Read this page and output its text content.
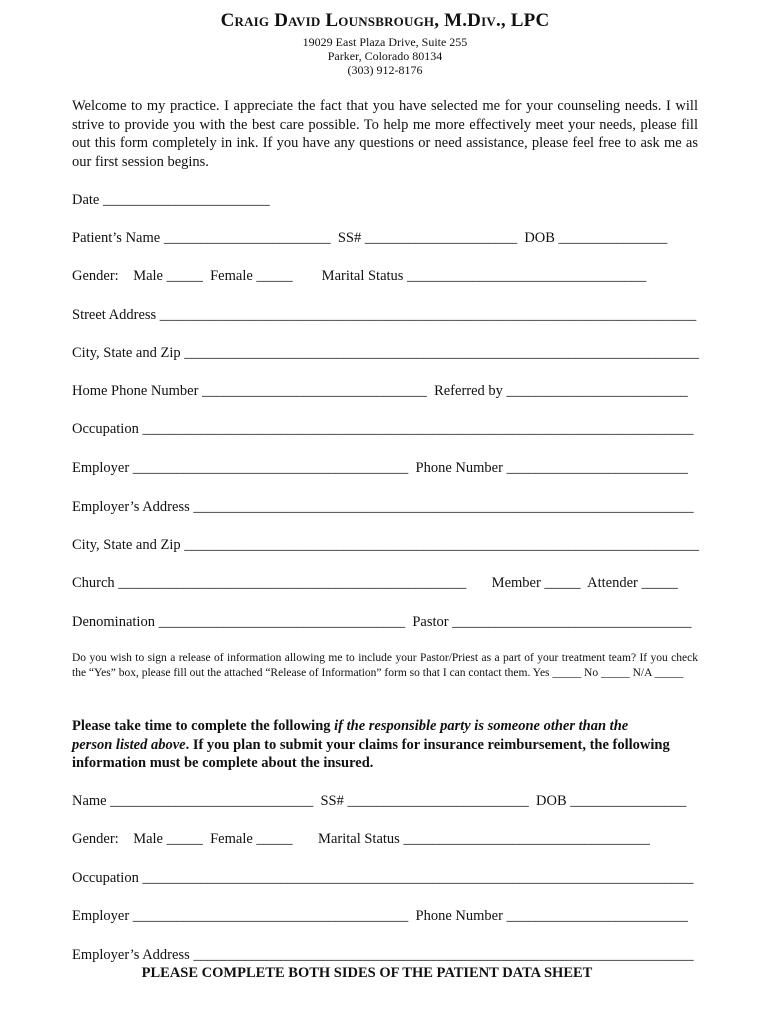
Craig David Lounsbrough, M.Div., LPC
19029 East Plaza Drive, Suite 255
Parker, Colorado 80134
(303) 912-8176
Welcome to my practice. I appreciate the fact that you have selected me for your counseling needs. I will strive to provide you with the best care possible. To help me more effectively meet your needs, please fill out this form completely in ink. If you have any questions or need assistance, please feel free to ask me as our first session begins.
Date _______________________
Patient’s Name _______________________  SS# _____________________  DOB _______________
Gender:    Male _____  Female _____        Marital Status _________________________________
Street Address __________________________________________________________________________
City, State and Zip _______________________________________________________________________
Home Phone Number _______________________________  Referred by _________________________
Occupation ____________________________________________________________________________
Employer ______________________________________  Phone Number _________________________
Employer’s Address _____________________________________________________________________
City, State and Zip _______________________________________________________________________
Church ________________________________________________       Member _____  Attender _____
Denomination __________________________________  Pastor _________________________________
Do you wish to sign a release of information allowing me to include your Pastor/Priest as a part of your treatment team? If you check the “Yes” box, please fill out the attached “Release of Information” form so that I can contact them. Yes _____ No _____ N/A _____
Please take time to complete the following if the responsible party is someone other than the person listed above. If you plan to submit your claims for insurance reimbursement, the following information must be complete about the insured.
Name ____________________________  SS# _________________________  DOB ________________
Gender:    Male _____  Female _____       Marital Status __________________________________
Occupation ____________________________________________________________________________
Employer ______________________________________  Phone Number _________________________
Employer’s Address _____________________________________________________________________
PLEASE COMPLETE BOTH SIDES OF THE PATIENT DATA SHEET
